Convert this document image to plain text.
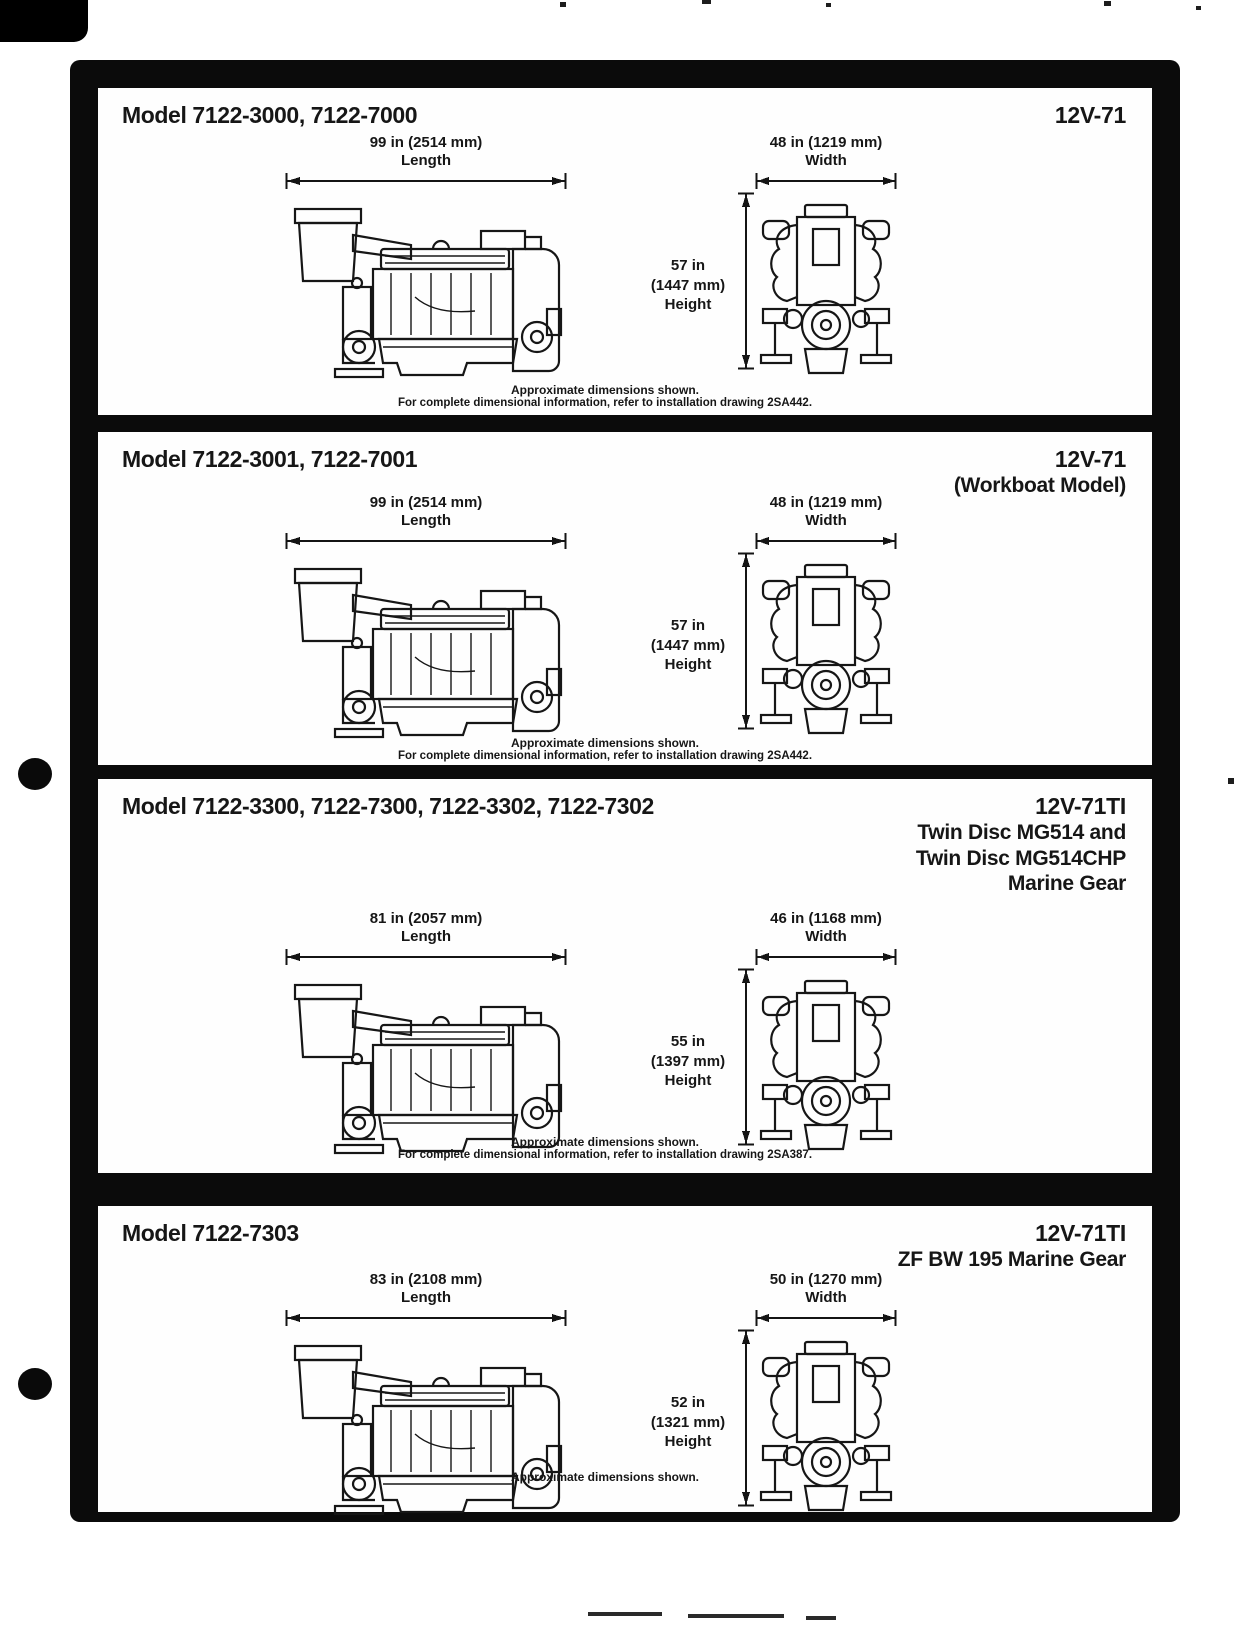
Model 7122-3000, 7122-7000	12V-71
99 in (2514 mm)
Length
48 in (1219 mm)
Width
57 in
(1447 mm)
Height
Approximate dimensions shown.
For complete dimensional information, refer to installation drawing 2SA442.
Model 7122-3001, 7122-7001	12V-71
(Workboat Model)
99 in (2514 mm)
Length
48 in (1219 mm)
Width
57 in
(1447 mm)
Height
Approximate dimensions shown.
For complete dimensional information, refer to installation drawing 2SA442.
Model 7122-3300, 7122-7300, 7122-3302, 7122-7302	12V-71TI
Twin Disc MG514 and
Twin Disc MG514CHP
Marine Gear
81 in (2057 mm)
Length
46 in (1168 mm)
Width
55 in
(1397 mm)
Height
Approximate dimensions shown.
For complete dimensional information, refer to installation drawing 2SA387.
Model 7122-7303	12V-71TI
ZF BW 195 Marine Gear
83 in (2108 mm)
Length
50 in (1270 mm)
Width
52 in
(1321 mm)
Height
Approximate dimensions shown.
